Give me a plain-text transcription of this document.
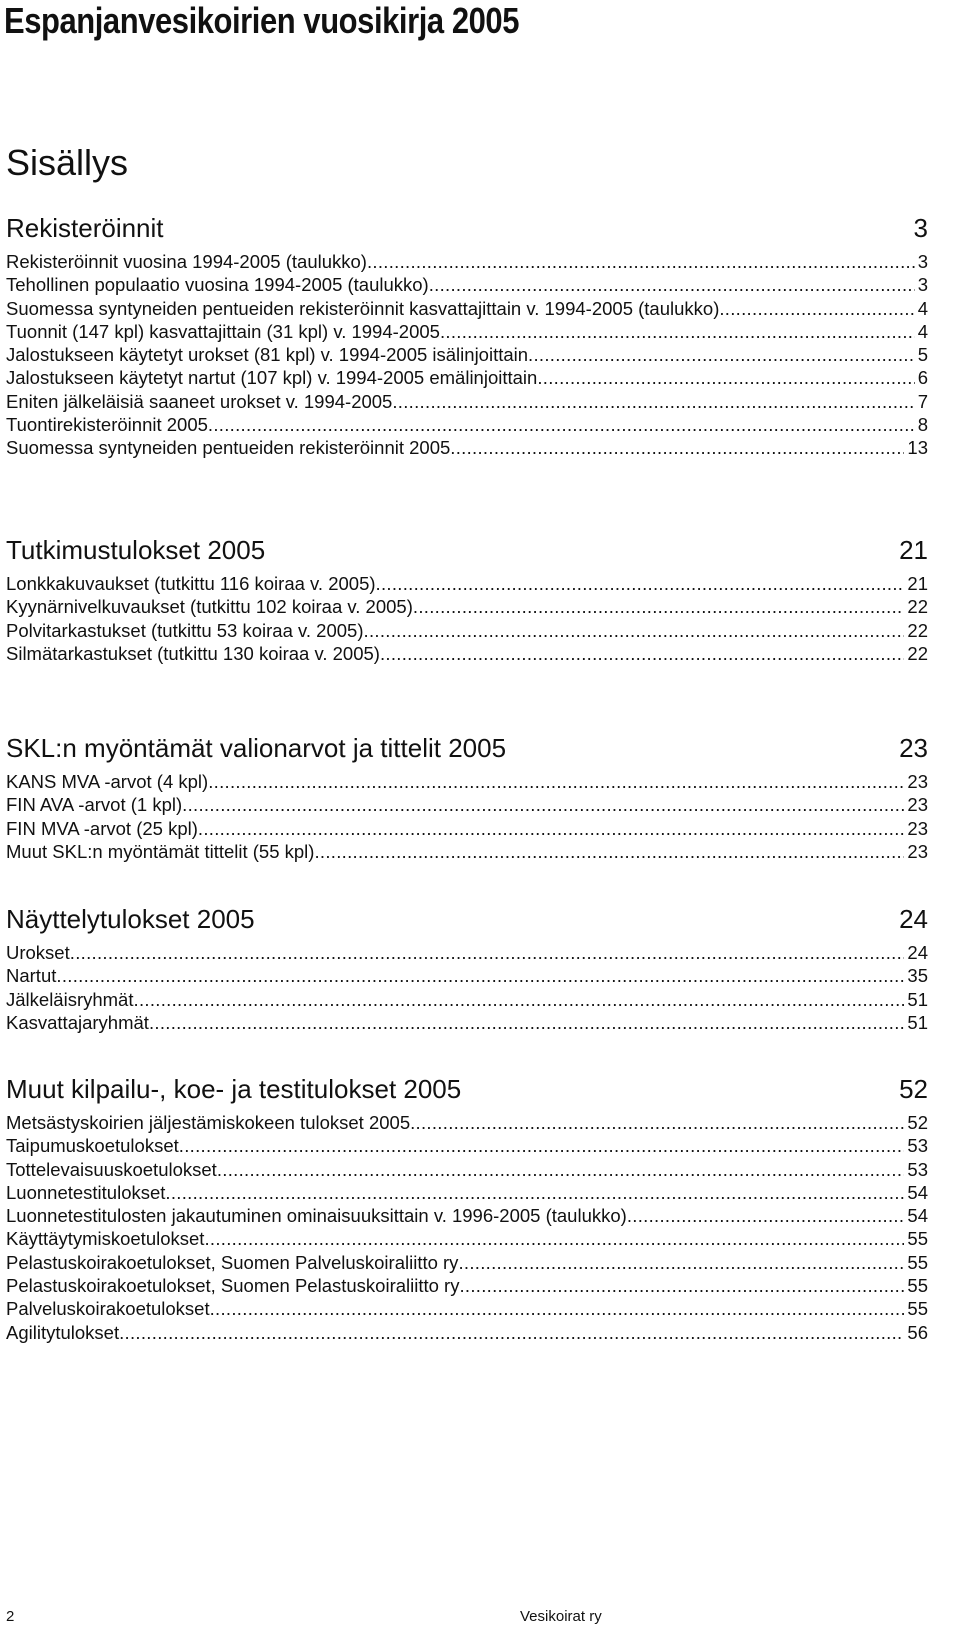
Espanjanvesikoirien vuosikirja 2005
Sisällys
Rekisteröinnit	3
Rekisteröinnit vuosina 1994-2005 (taulukko) .....	3
Tehollinen populaatio vuosina 1994-2005 (taulukko) .....	3
Suomessa syntyneiden pentueiden rekisteröinnit kasvattajittain v. 1994-2005 (taulukko) .....	4
Tuonnit (147 kpl) kasvattajittain (31 kpl) v. 1994-2005 .....	4
Jalostukseen käytetyt urokset (81 kpl) v. 1994-2005 isälinjoittain .....	5
Jalostukseen käytetyt nartut (107 kpl) v. 1994-2005 emälinjoittain .....	6
Eniten jälkeläisiä saaneet urokset v. 1994-2005 .....	7
Tuontirekisteröinnit 2005 .....	8
Suomessa syntyneiden pentueiden rekisteröinnit 2005 .....	13
Tutkimustulokset 2005	21
Lonkkakuvaukset (tutkittu 116 koiraa v. 2005) .....	21
Kyynärnivelkuvaukset (tutkittu 102 koiraa v. 2005) .....	22
Polvitarkastukset (tutkittu 53 koiraa v. 2005) .....	22
Silmätarkastukset (tutkittu 130 koiraa v. 2005) .....	22
SKL:n myöntämät valionarvot ja tittelit 2005	23
KANS MVA -arvot (4 kpl) .....	23
FIN AVA -arvot (1 kpl) .....	23
FIN MVA -arvot (25 kpl) .....	23
Muut SKL:n myöntämät tittelit (55 kpl) .....	23
Näyttelytulokset 2005	24
Urokset .....	24
Nartut .....	35
Jälkeläisryhmät .....	51
Kasvattajaryhmät .....	51
Muut kilpailu-, koe- ja testitulokset 2005	52
Metsästyskoirien jäljestämiskokeen tulokset 2005 .....	52
Taipumuskoetulokset .....	53
Tottelevaisuuskoetulokset .....	53
Luonnetestitulokset .....	54
Luonnetestitulosten jakautuminen ominaisuuksittain v. 1996-2005 (taulukko) .....	54
Käyttäytymiskoetulokset .....	55
Pelastuskoirakoetulokset, Suomen Palveluskoiraliitto ry .....	55
Pelastuskoirakoetulokset, Suomen Pelastuskoiraliitto ry .....	55
Palveluskoirakoetulokset .....	55
Agilitytulokset .....	56
2	Vesikoirat ry
